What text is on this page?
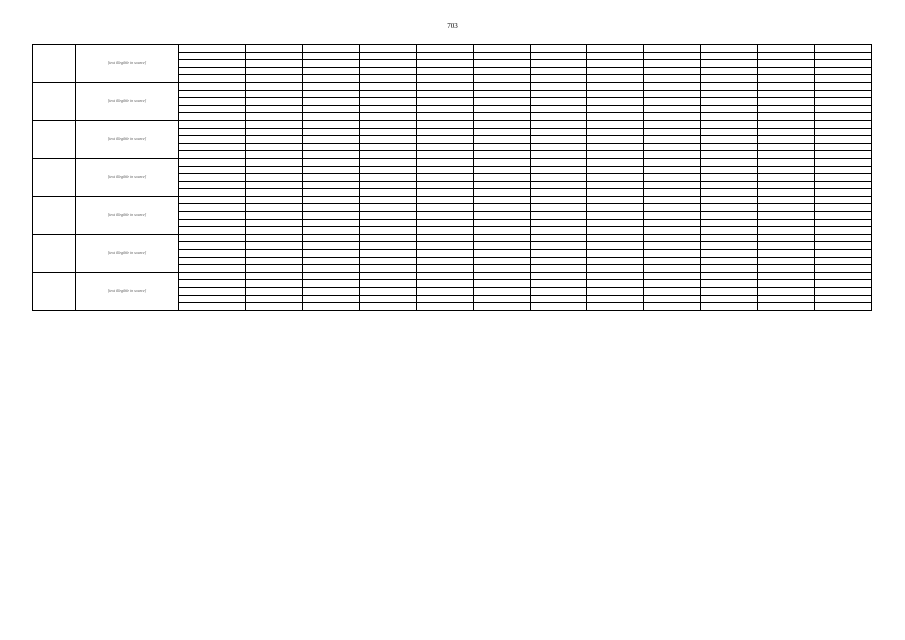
703
	[text illegible in source]												

	[text illegible in source]												

	[text illegible in source]												

	[text illegible in source]												

	[text illegible in source]												

	[text illegible in source]												

	[text illegible in source]												
